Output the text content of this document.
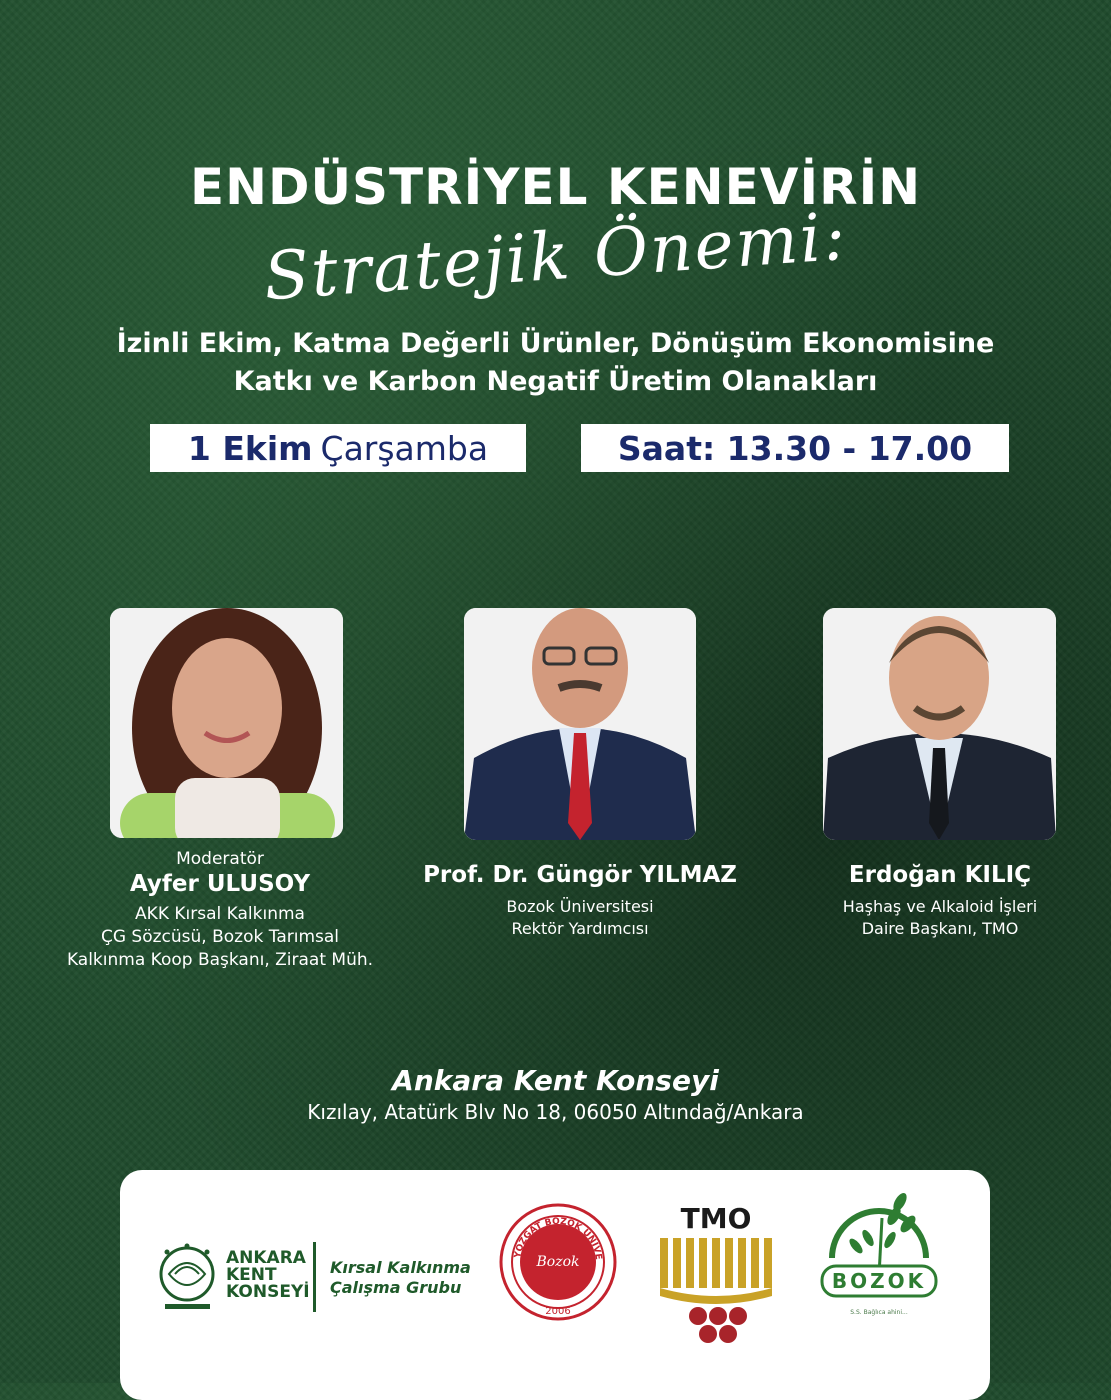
ENDÜSTRİYEL KENEVİRİN
Stratejik Önemi:
İzinli Ekim, Katma Değerli Ürünler, Dönüşüm Ekonomisine
Katkı ve Karbon Negatif Üretim Olanakları
1 Ekim Çarşamba	Saat: 13.30 - 17.00
Moderatör
Ayfer ULUSOY
AKK Kırsal Kalkınma
ÇG Sözcüsü, Bozok Tarımsal
Kalkınma Koop Başkanı, Ziraat Müh.
Prof. Dr. Güngör YILMAZ
Bozok Üniversitesi
Rektör Yardımcısı
Erdoğan KILIÇ
Haşhaş ve Alkaloid İşleri
Daire Başkanı, TMO
Ankara Kent Konseyi
Kızılay, Atatürk Blv No 18, 06050 Altındağ/Ankara
ANKARA
KENT
KONSEYİ
Kırsal Kalkınma
Çalışma Grubu
YOZGAT BOZOK ÜNİVE
Bozok
2006
TMO
BOZOK
S.S. Bağlıca ahini...
